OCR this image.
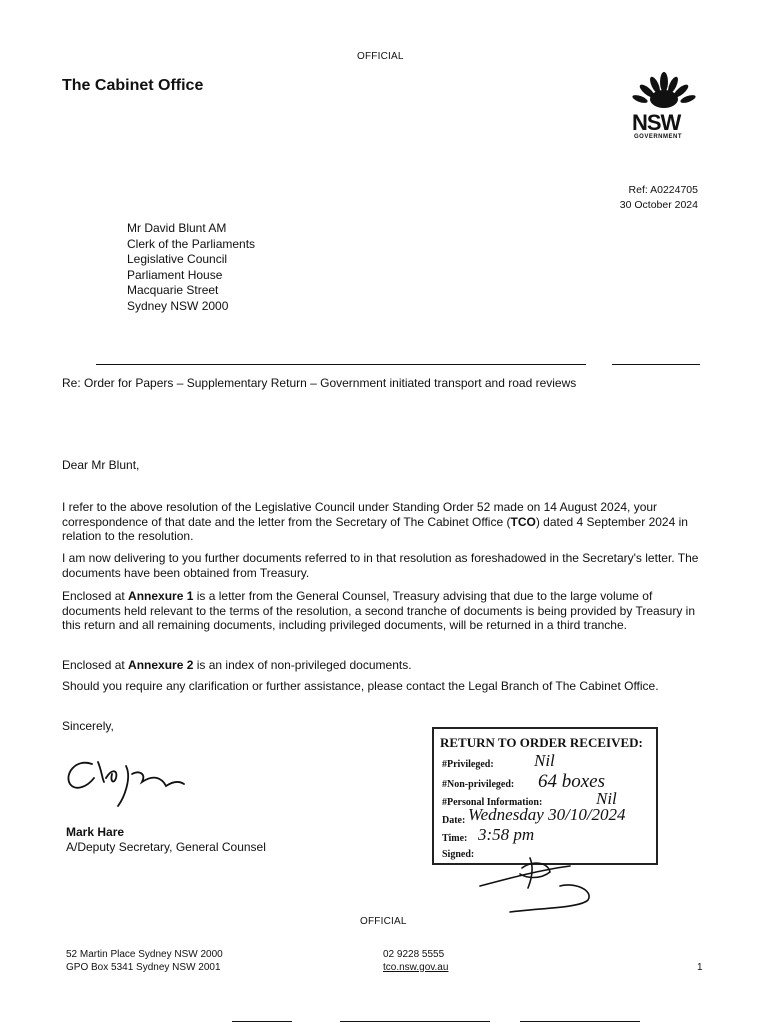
OFFICIAL
The Cabinet Office
NSW
GOVERNMENT
Ref: A0224705
30 October 2024
Mr David Blunt AM
Clerk of the Parliaments
Legislative Council
Parliament House
Macquarie Street
Sydney NSW 2000
Re: Order for Papers – Supplementary Return – Government initiated transport and road reviews
Dear Mr Blunt,
I refer to the above resolution of the Legislative Council under Standing Order 52 made on 14 August 2024, your correspondence of that date and the letter from the Secretary of The Cabinet Office (TCO) dated 4 September 2024 in relation to the resolution.
I am now delivering to you further documents referred to in that resolution as foreshadowed in the Secretary's letter. The documents have been obtained from Treasury.
Enclosed at Annexure 1 is a letter from the General Counsel, Treasury advising that due to the large volume of documents held relevant to the terms of the resolution, a second tranche of documents is being provided by Treasury in this return and all remaining documents, including privileged documents, will be returned in a third tranche.
Enclosed at Annexure 2 is an index of non-privileged documents.
Should you require any clarification or further assistance, please contact the Legal Branch of The Cabinet Office.
Sincerely,
Mark Hare
A/Deputy Secretary, General Counsel
RETURN TO ORDER RECEIVED:
#Privileged: Nil
#Non-privileged: 64 boxes
#Personal Information:	Nil
Date: Wednesday 30/10/2024
Time: 3:58 pm
Signed:
OFFICIAL
52 Martin Place Sydney NSW 2000
GPO Box 5341 Sydney NSW 2001
02 9228 5555
tco.nsw.gov.au	1
